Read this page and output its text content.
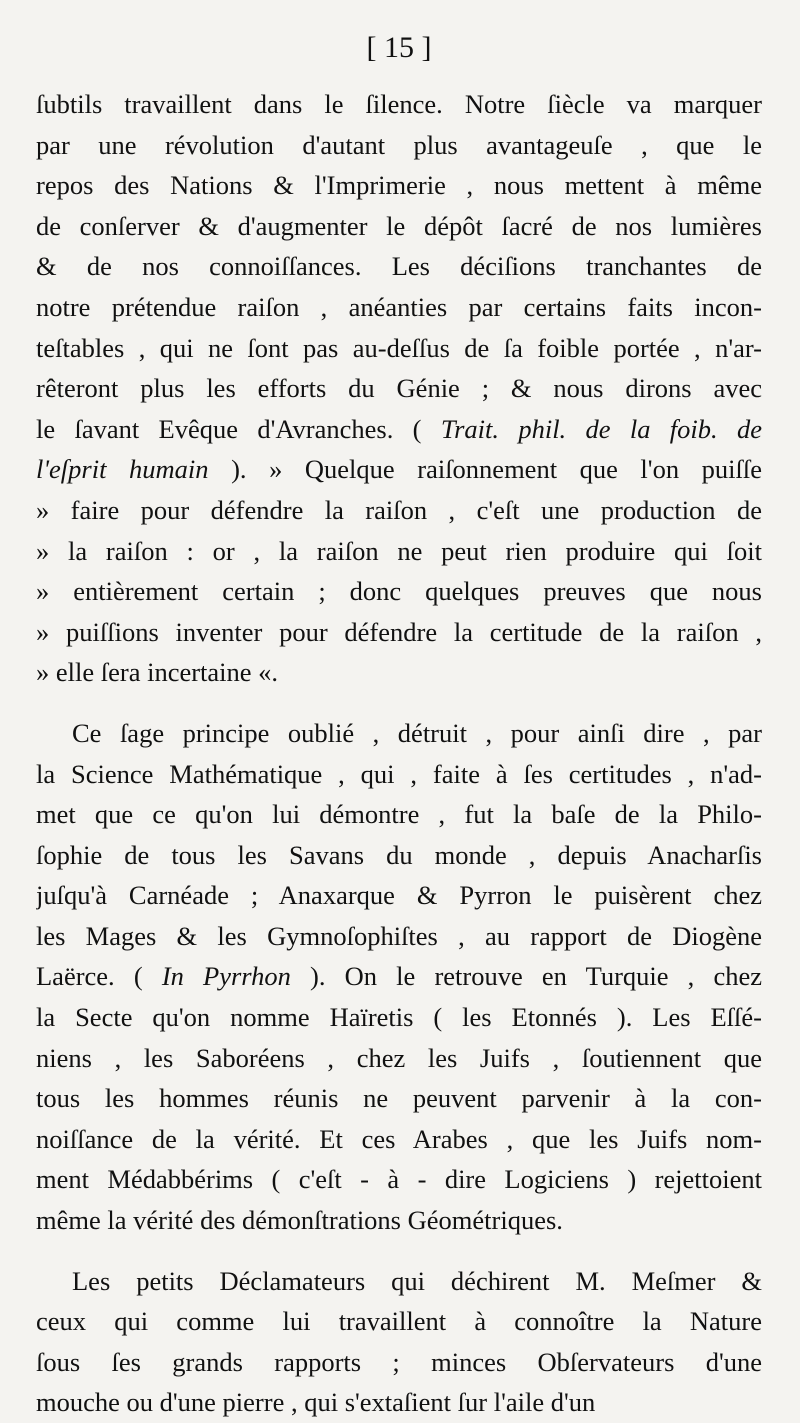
[ 15 ]
ſubtils travaillent dans le ſilence. Notre ſiècle va marquer
par une révolution d'autant plus avantageuſe , que le
repos des Nations & l'Imprimerie , nous mettent à même
de conſerver & d'augmenter le dépôt ſacré de nos lumières
& de nos connoiſſances. Les déciſions tranchantes de
notre prétendue raiſon , anéanties par certains faits incon-
teſtables , qui ne ſont pas au-deſſus de ſa foible portée , n'ar-
rêteront plus les efforts du Génie ; & nous dirons avec
le ſavant Evêque d'Avranches. ( Trait. phil. de la foib. de
l'eſprit humain ). » Quelque raiſonnement que l'on puiſſe
» faire pour défendre la raiſon , c'eſt une production de
» la raiſon : or , la raiſon ne peut rien produire qui ſoit
» entièrement certain ; donc quelques preuves que nous
» puiſſions inventer pour défendre la certitude de la raiſon ,
» elle ſera incertaine «.
Ce ſage principe oublié , détruit , pour ainſi dire , par
la Science Mathématique , qui , faite à ſes certitudes , n'ad-
met que ce qu'on lui démontre , fut la baſe de la Philo-
ſophie de tous les Savans du monde , depuis Anacharſis
juſqu'à Carnéade ; Anaxarque & Pyrron le puisèrent chez
les Mages & les Gymnoſophiſtes , au rapport de Diogène
Laërce. ( In Pyrrhon ). On le retrouve en Turquie , chez
la Secte qu'on nomme Haïretis ( les Etonnés ). Les Eſſé-
niens , les Saboréens , chez les Juifs , ſoutiennent que
tous les hommes réunis ne peuvent parvenir à la con-
noiſſance de la vérité. Et ces Arabes , que les Juifs nom-
ment Médabbérims ( c'eſt - à - dire Logiciens ) rejettoient
même la vérité des démonſtrations Géométriques.
Les petits Déclamateurs qui déchirent M. Meſmer &
ceux qui comme lui travaillent à connoître la Nature
ſous ſes grands rapports ; minces Obſervateurs d'une
mouche ou d'une pierre , qui s'extaſient ſur l'aile d'un
